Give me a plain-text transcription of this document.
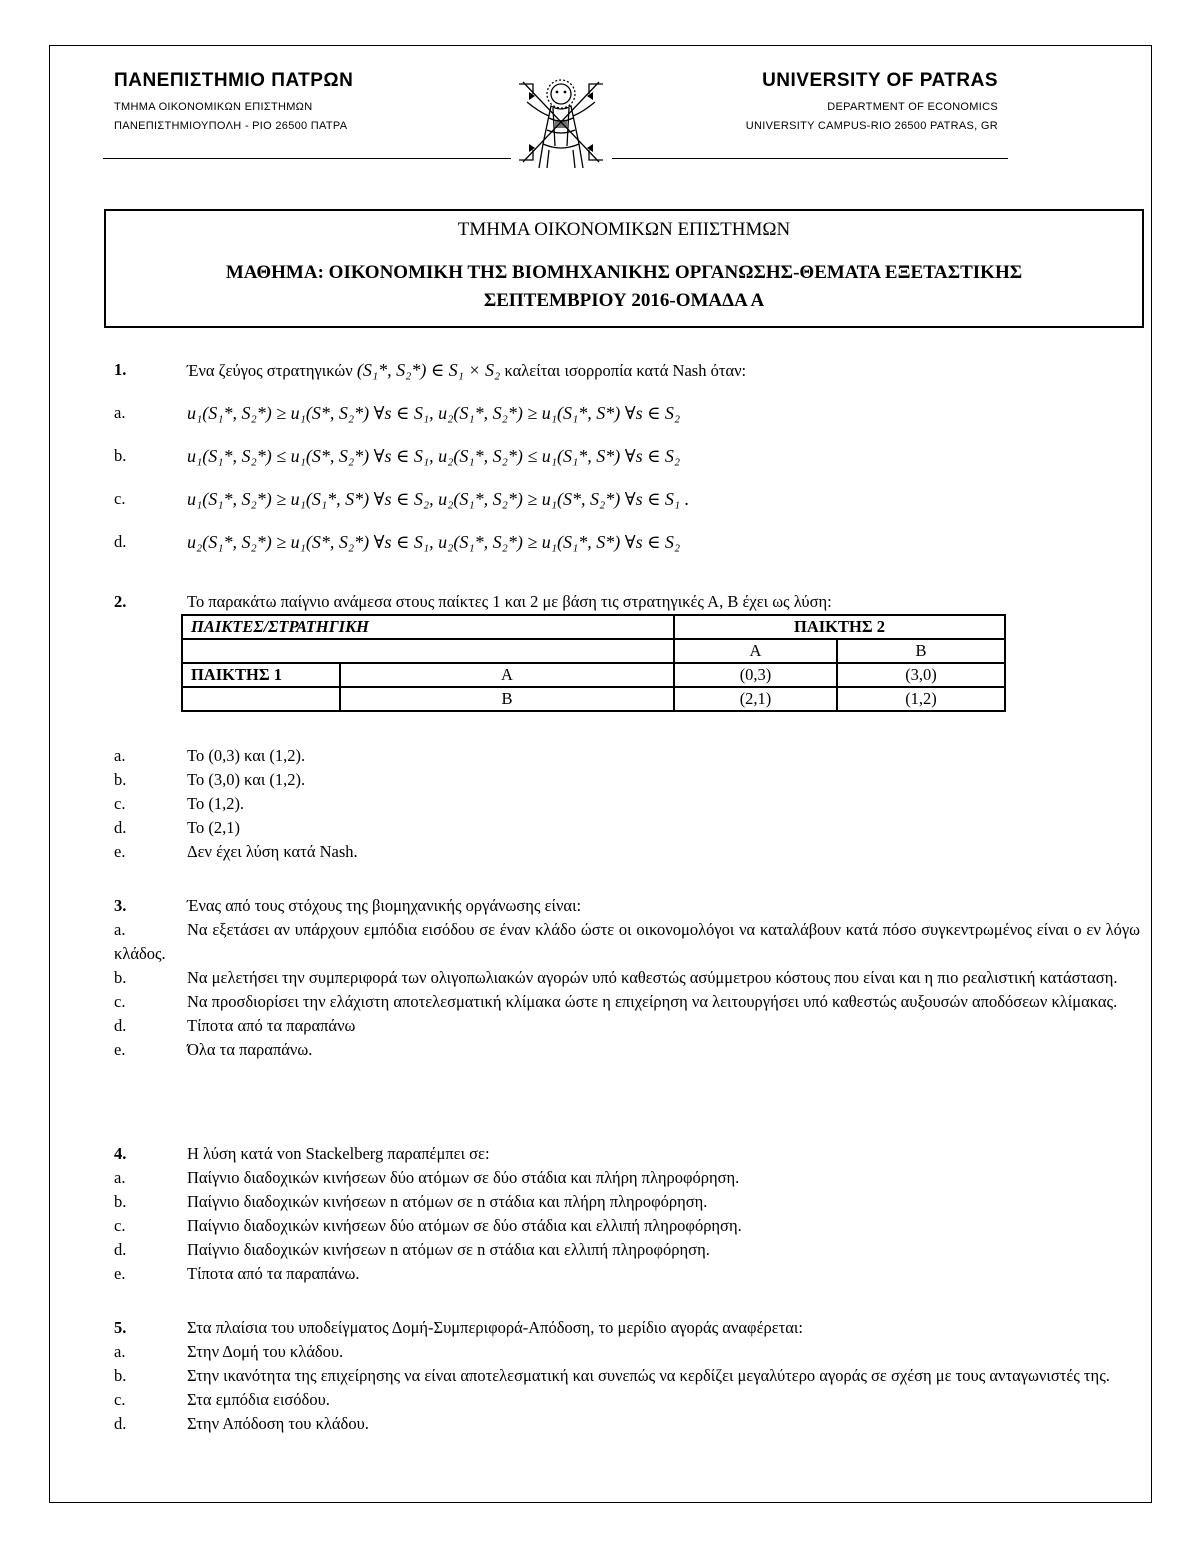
ΠΑΝΕΠΙΣΤΗΜΙΟ ΠΑΤΡΩΝ
ΤΜΗΜΑ ΟΙΚΟΝΟΜΙΚΩΝ ΕΠΙΣΤΗΜΩΝ
ΠΑΝΕΠΙΣΤΗΜΙΟΥΠΟΛΗ - ΡΙΟ 26500 ΠΑΤΡΑ
UNIVERSITY OF PATRAS
DEPARTMENT OF ECONOMICS
UNIVERSITY CAMPUS-RIO 26500 PATRAS, GR
ΤΜΗΜΑ ΟΙΚΟΝΟΜΙΚΩΝ ΕΠΙΣΤΗΜΩΝ
ΜΑΘΗΜΑ: ΟΙΚΟΝΟΜΙΚΗ ΤΗΣ ΒΙΟΜΗΧΑΝΙΚΗΣ ΟΡΓΑΝΩΣΗΣ-ΘΕΜΑΤΑ ΕΞΕΤΑΣΤΙΚΗΣ
ΣΕΠΤΕΜΒΡΙΟΥ 2016-ΟΜΑΔΑ Α
1.	Ένα ζεύγος στρατηγικών (S₁*, S₂*) ∈ S₁ × S₂ καλείται ισορροπία κατά Nash όταν:
a.	u₁(S₁*, S₂*) ≥ u₁(S*, S₂*) ∀s ∈ S₁, u₂(S₁*, S₂*) ≥ u₁(S₁*, S*) ∀s ∈ S₂
b.	u₁(S₁*, S₂*) ≤ u₁(S*, S₂*) ∀s ∈ S₁, u₂(S₁*, S₂*) ≤ u₁(S₁*, S*) ∀s ∈ S₂
c.	u₁(S₁*, S₂*) ≥ u₁(S₁*, S*) ∀s ∈ S₂, u₂(S₁*, S₂*) ≥ u₁(S*, S₂*) ∀s ∈ S₁ .
d.	u₂(S₁*, S₂*) ≥ u₁(S*, S₂*) ∀s ∈ S₁, u₂(S₁*, S₂*) ≥ u₁(S₁*, S*) ∀s ∈ S₂
2.	Το παρακάτω παίγνιο ανάμεσα στους παίκτες 1 και 2 με βάση τις στρατηγικές Α, Β έχει ως λύση:
ΠΑΙΚΤΕΣ/ΣΤΡΑΤΗΓΙΚΗ		ΠΑΙΚΤΗΣ 2	
		Α	Β
ΠΑΙΚΤΗΣ 1	Α	(0,3)	(3,0)
	Β	(2,1)	(1,2)
a.	Το (0,3) και (1,2).
b.	Το (3,0) και (1,2).
c.	Το (1,2).
d.	Το (2,1)
e.	Δεν έχει λύση κατά Nash.
3.	Ένας από τους στόχους της βιομηχανικής οργάνωσης είναι:
a.	Να εξετάσει αν υπάρχουν εμπόδια εισόδου σε έναν κλάδο ώστε οι οικονομολόγοι να καταλάβουν κατά πόσο συγκεντρωμένος είναι ο εν λόγω κλάδος.
b.	Να μελετήσει την συμπεριφορά των ολιγοπωλιακών αγορών υπό καθεστώς ασύμμετρου κόστους που είναι και η πιο ρεαλιστική κατάσταση.
c.	Να προσδιορίσει την ελάχιστη αποτελεσματική κλίμακα ώστε η επιχείρηση να λειτουργήσει υπό καθεστώς αυξουσών αποδόσεων κλίμακας.
d.	Τίποτα από τα παραπάνω
e.	Όλα τα παραπάνω.
4.	Η λύση κατά von Stackelberg παραπέμπει σε:
a.	Παίγνιο διαδοχικών κινήσεων δύο ατόμων σε δύο στάδια και πλήρη πληροφόρηση.
b.	Παίγνιο διαδοχικών κινήσεων n ατόμων σε n στάδια και πλήρη πληροφόρηση.
c.	Παίγνιο διαδοχικών κινήσεων δύο ατόμων σε δύο στάδια και ελλιπή πληροφόρηση.
d.	Παίγνιο διαδοχικών κινήσεων n ατόμων σε n στάδια και ελλιπή πληροφόρηση.
e.	Τίποτα από τα παραπάνω.
5.	Στα πλαίσια του υποδείγματος Δομή-Συμπεριφορά-Απόδοση, το μερίδιο αγοράς αναφέρεται:
a.	Στην Δομή του κλάδου.
b.	Στην ικανότητα της επιχείρησης να είναι αποτελεσματική και συνεπώς να κερδίζει μεγαλύτερο αγοράς σε σχέση με τους ανταγωνιστές της.
c.	Στα εμπόδια εισόδου.
d.	Στην Απόδοση του κλάδου.
